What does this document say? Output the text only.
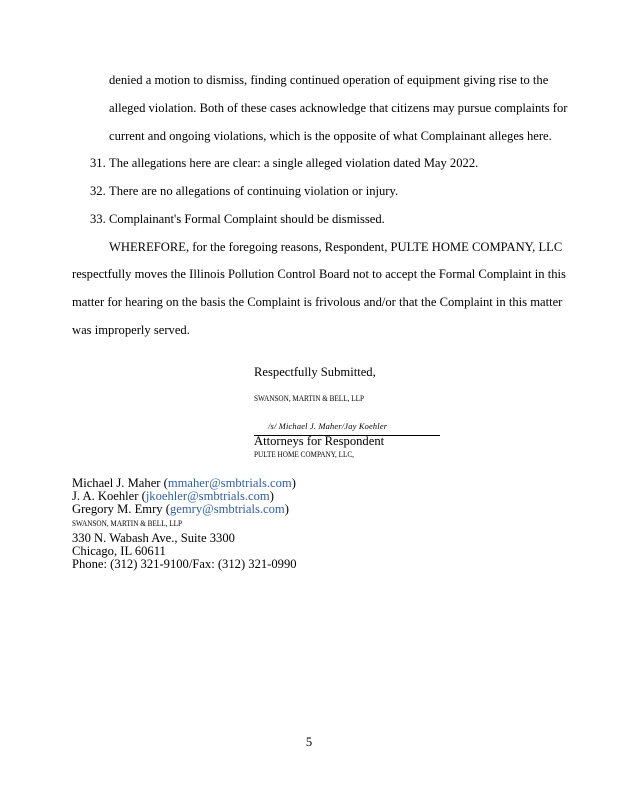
denied a motion to dismiss, finding continued operation of equipment giving rise to the
alleged violation. Both of these cases acknowledge that citizens may pursue complaints for
current and ongoing violations, which is the opposite of what Complainant alleges here.
31. The allegations here are clear: a single alleged violation dated May 2022.
32. There are no allegations of continuing violation or injury.
33. Complainant's Formal Complaint should be dismissed.
WHEREFORE, for the foregoing reasons, Respondent, PULTE HOME COMPANY, LLC
respectfully moves the Illinois Pollution Control Board not to accept the Formal Complaint in this
matter for hearing on the basis the Complaint is frivolous and/or that the Complaint in this matter
was improperly served.
Respectfully Submitted,
SWANSON, MARTIN & BELL, LLP
/s/ Michael J. Maher/Jay Koehler
Attorneys for Respondent
PULTE HOME COMPANY, LLC,
Michael J. Maher (mmaher@smbtrials.com)
J. A. Koehler (jkoehler@smbtrials.com)
Gregory M. Emry (gemry@smbtrials.com)
SWANSON, MARTIN & BELL, LLP
330 N. Wabash Ave., Suite 3300
Chicago, IL 60611
Phone: (312) 321-9100/Fax: (312) 321-0990
5
